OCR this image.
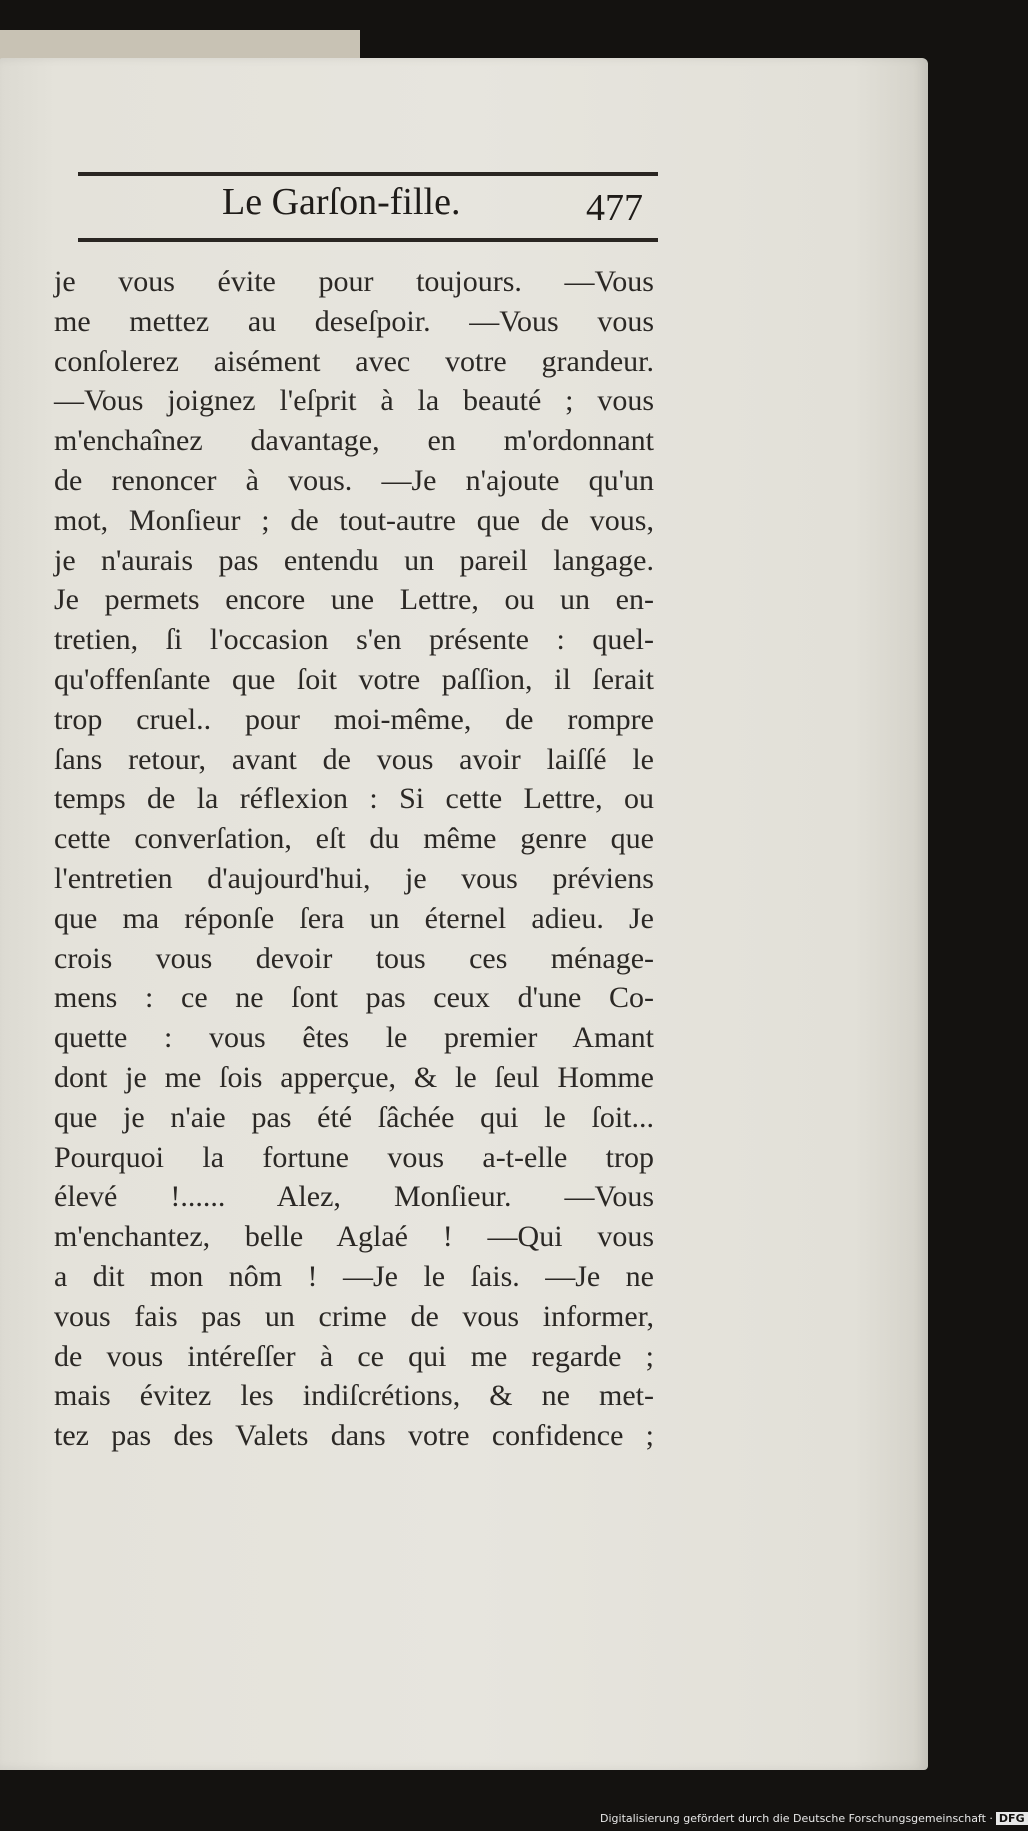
Le Garſon-fille.	477
je vous évite pour toujours. —Vous
me mettez au deseſpoir. —Vous vous
conſolerez aisément avec votre grandeur.
—Vous joignez l'eſprit à la beauté ; vous
m'enchaînez davantage, en m'ordonnant
de renoncer à vous. —Je n'ajoute qu'un
mot, Monſieur ; de tout-autre que de vous,
je n'aurais pas entendu un pareil langage.
Je permets encore une Lettre, ou un en-
tretien, ſi l'occasion s'en présente : quel-
qu'offenſante que ſoit votre paſſion, il ſerait
trop cruel.. pour moi-même, de rompre
ſans retour, avant de vous avoir laiſſé le
temps de la réflexion : Si cette Lettre, ou
cette converſation, eſt du même genre que
l'entretien d'aujourd'hui, je vous préviens
que ma réponſe ſera un éternel adieu. Je
crois vous devoir tous ces ménage-
mens : ce ne ſont pas ceux d'une Co-
quette : vous êtes le premier Amant
dont je me ſois apperçue, & le ſeul Homme
que je n'aie pas été ſâchée qui le ſoit...
Pourquoi la fortune vous a-t-elle trop
élevé !...... Alez, Monſieur. —Vous
m'enchantez, belle Aglaé ! —Qui vous
a dit mon nôm ! —Je le ſais. —Je ne
vous fais pas un crime de vous informer,
de vous intéreſſer à ce qui me regarde ;
mais évitez les indiſcrétions, & ne met-
tez pas des Valets dans votre confidence ;
Digitalisierung gefördert durch die Deutsche Forschungsgemeinschaft · DFG
